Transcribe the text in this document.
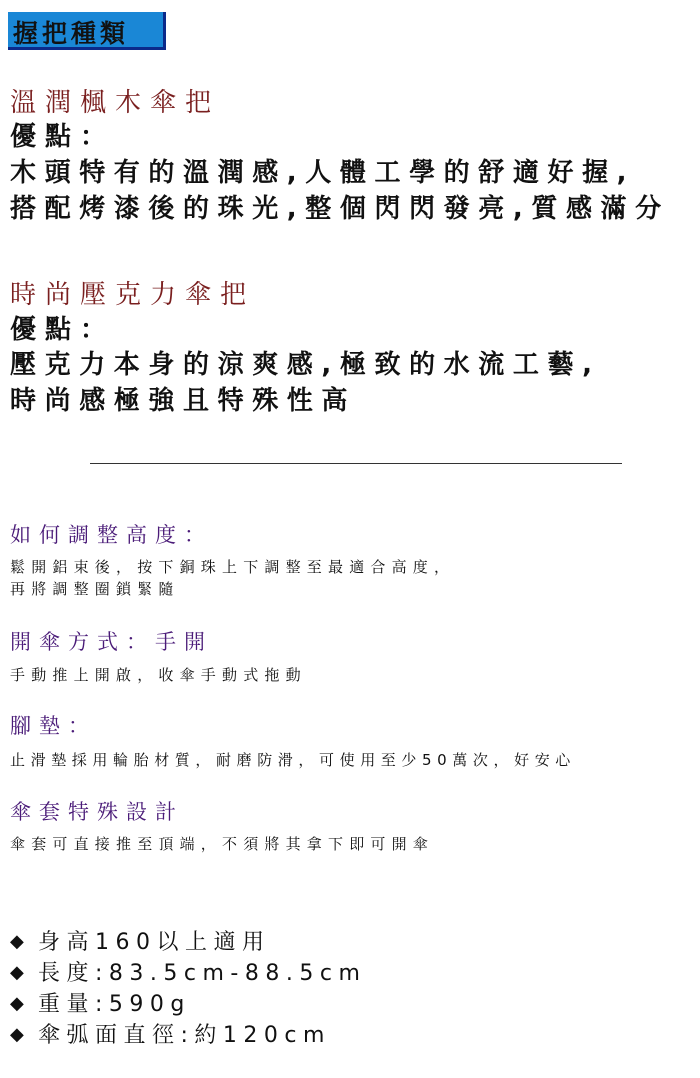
握把種類
溫潤楓木傘把
優點：
木頭特有的溫潤感,人體工學的舒適好握,
搭配烤漆後的珠光,整個閃閃發亮,質感滿分
時尚壓克力傘把
優點：
壓克力本身的涼爽感,極致的水流工藝,
時尚感極強且特殊性高
如何調整高度：
鬆開鋁束後，按下銅珠上下調整至最適合高度，
再將調整圈鎖緊隨
開傘方式：手開
手動推上開啟，收傘手動式拖動
腳墊：
止滑墊採用輪胎材質，耐磨防滑，可使用至少50萬次，好安心
傘套特殊設計
傘套可直接推至頂端，不須將其拿下即可開傘
◆ 身高160以上適用
◆ 長度:83.5cm-88.5cm
◆ 重量:590g
◆ 傘弧面直徑:約120cm
